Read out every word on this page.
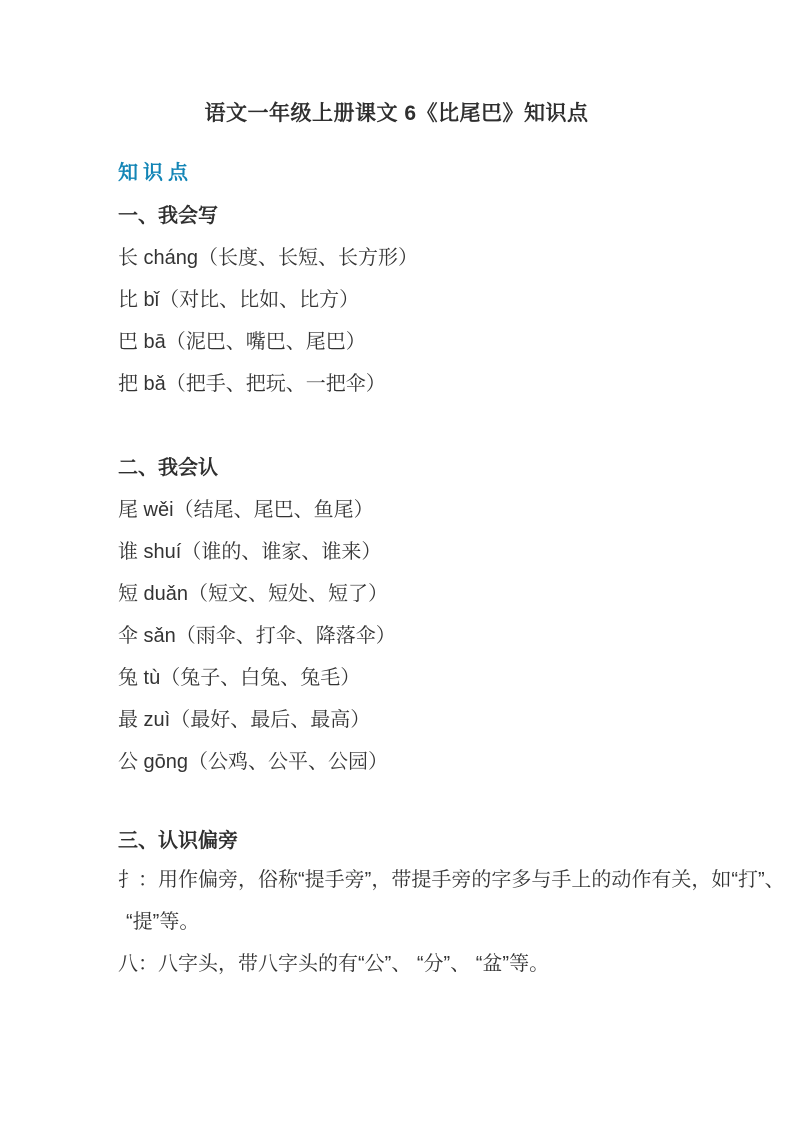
语文一年级上册课文 6《比尾巴》知识点
知识点
一、我会写
长 cháng（长度、长短、长方形）
比 bǐ（对比、比如、比方）
巴 bā（泥巴、嘴巴、尾巴）
把 bǎ（把手、把玩、一把伞）
二、我会认
尾 wěi（结尾、尾巴、鱼尾）
谁 shuí（谁的、谁家、谁来）
短 duǎn（短文、短处、短了）
伞 sǎn（雨伞、打伞、降落伞）
兔 tù（兔子、白兔、兔毛）
最 zuì（最好、最后、最高）
公 gōng（公鸡、公平、公园）
三、认识偏旁
扌：用作偏旁，俗称“提手旁”，带提手旁的字多与手上的动作有关，如“打”、
“提”等。
八：八字头，带八字头的有“公”、 “分”、 “盆”等。
